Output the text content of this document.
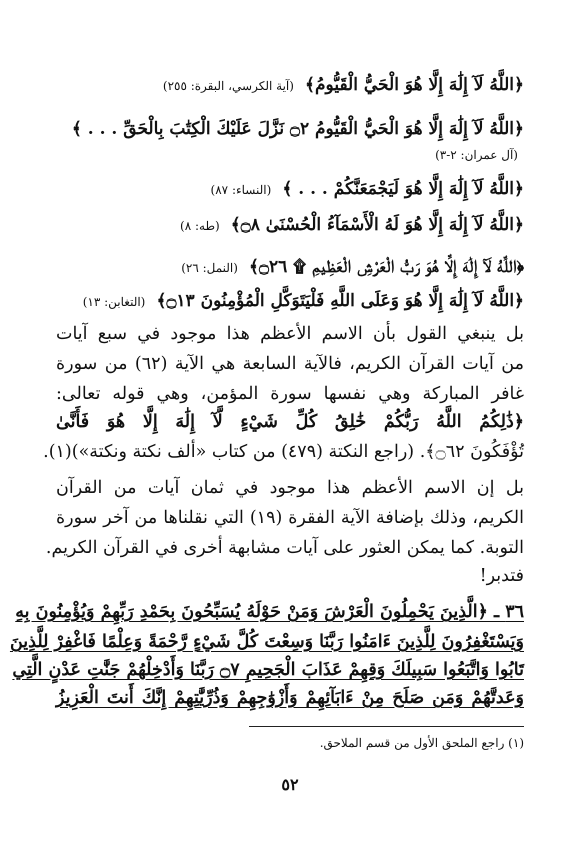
﴿اللَّهُ لَآ إِلَٰهَ إِلَّا هُوَ الْحَيُّ الْقَيُّومُ﴾ (آية الكرسي، البقرة: ٢٥٥)
﴿اللَّهُ لَآ إِلَٰهَ إِلَّا هُوَ الْحَيُّ الْقَيُّومُ ۝٢ نَزَّلَ عَلَيْكَ الْكِتَٰبَ بِالْحَقِّ . . . ﴾
(آل عمران: ٢-٣)
﴿اللَّهُ لَآ إِلَٰهَ إِلَّا هُوَ لَيَجْمَعَنَّكُمْ . . . ﴾ (النساء: ٨٧)
﴿اللَّهُ لَآ إِلَٰهَ إِلَّا هُوَ لَهُ الْأَسْمَآءُ الْحُسْنَىٰ ۝٨﴾ (طه: ٨)
﴿اللَّهُ لَآ إِلَٰهَ إِلَّا هُوَ رَبُّ الْعَرْشِ الْعَظِيمِ ۩ ۝٢٦﴾ (النمل: ٢٦)
﴿اللَّهُ لَآ إِلَٰهَ إِلَّا هُوَ وَعَلَى اللَّهِ فَلْيَتَوَكَّلِ الْمُؤْمِنُونَ ۝١٣﴾ (التغابن: ١٣)
بل ينبغي القول بأن الاسم الأعظم هذا موجود في سبع آيات
من آيات القرآن الكريم، فالآية السابعة هي الآية (٦٢) من سورة
غافر المباركة وهي نفسها سورة المؤمن، وهي قوله تعالى:
﴿ذَٰلِكُمُ اللَّهُ رَبُّكُمْ خَٰلِقُ كُلِّ شَيْءٍ لَّآ إِلَٰهَ إِلَّا هُوَ فَأَنَّىٰ
تُؤْفَكُونَ ۝٦٢﴾. (راجع النكتة (٤٧٩) من كتاب «ألف نكتة ونكتة»)(١).
بل إن الاسم الأعظم هذا موجود في ثمان آيات من القرآن
الكريم، وذلك بإضافة الآية الفقرة (١٩) التي نقلناها من آخر سورة
التوبة. كما يمكن العثور على آيات مشابهة أخرى في القرآن الكريم.
فتدبر!
٣٦ ـ ﴿الَّذِينَ يَحْمِلُونَ الْعَرْشَ وَمَنْ حَوْلَهُ يُسَبِّحُونَ بِحَمْدِ رَبِّهِمْ وَيُؤْمِنُونَ بِهِ
وَيَسْتَغْفِرُونَ لِلَّذِينَ ءَامَنُوا رَبَّنَا وَسِعْتَ كُلَّ شَيْءٍ رَّحْمَةً وَعِلْمًا فَاغْفِرْ لِلَّذِينَ
تَابُوا وَاتَّبَعُوا سَبِيلَكَ وَقِهِمْ عَذَابَ الْجَحِيمِ ۝٧ رَبَّنَا وَأَدْخِلْهُمْ جَنَّٰتِ عَدْنٍ الَّتِي
وَعَدتَّهُمْ وَمَن صَلَحَ مِنْ ءَابَآئِهِمْ وَأَزْوَٰجِهِمْ وَذُرِّيَّٰتِهِمْ إِنَّكَ أَنتَ الْعَزِيزُ
(١) راجع الملحق الأول من قسم الملاحق.
٥٢
